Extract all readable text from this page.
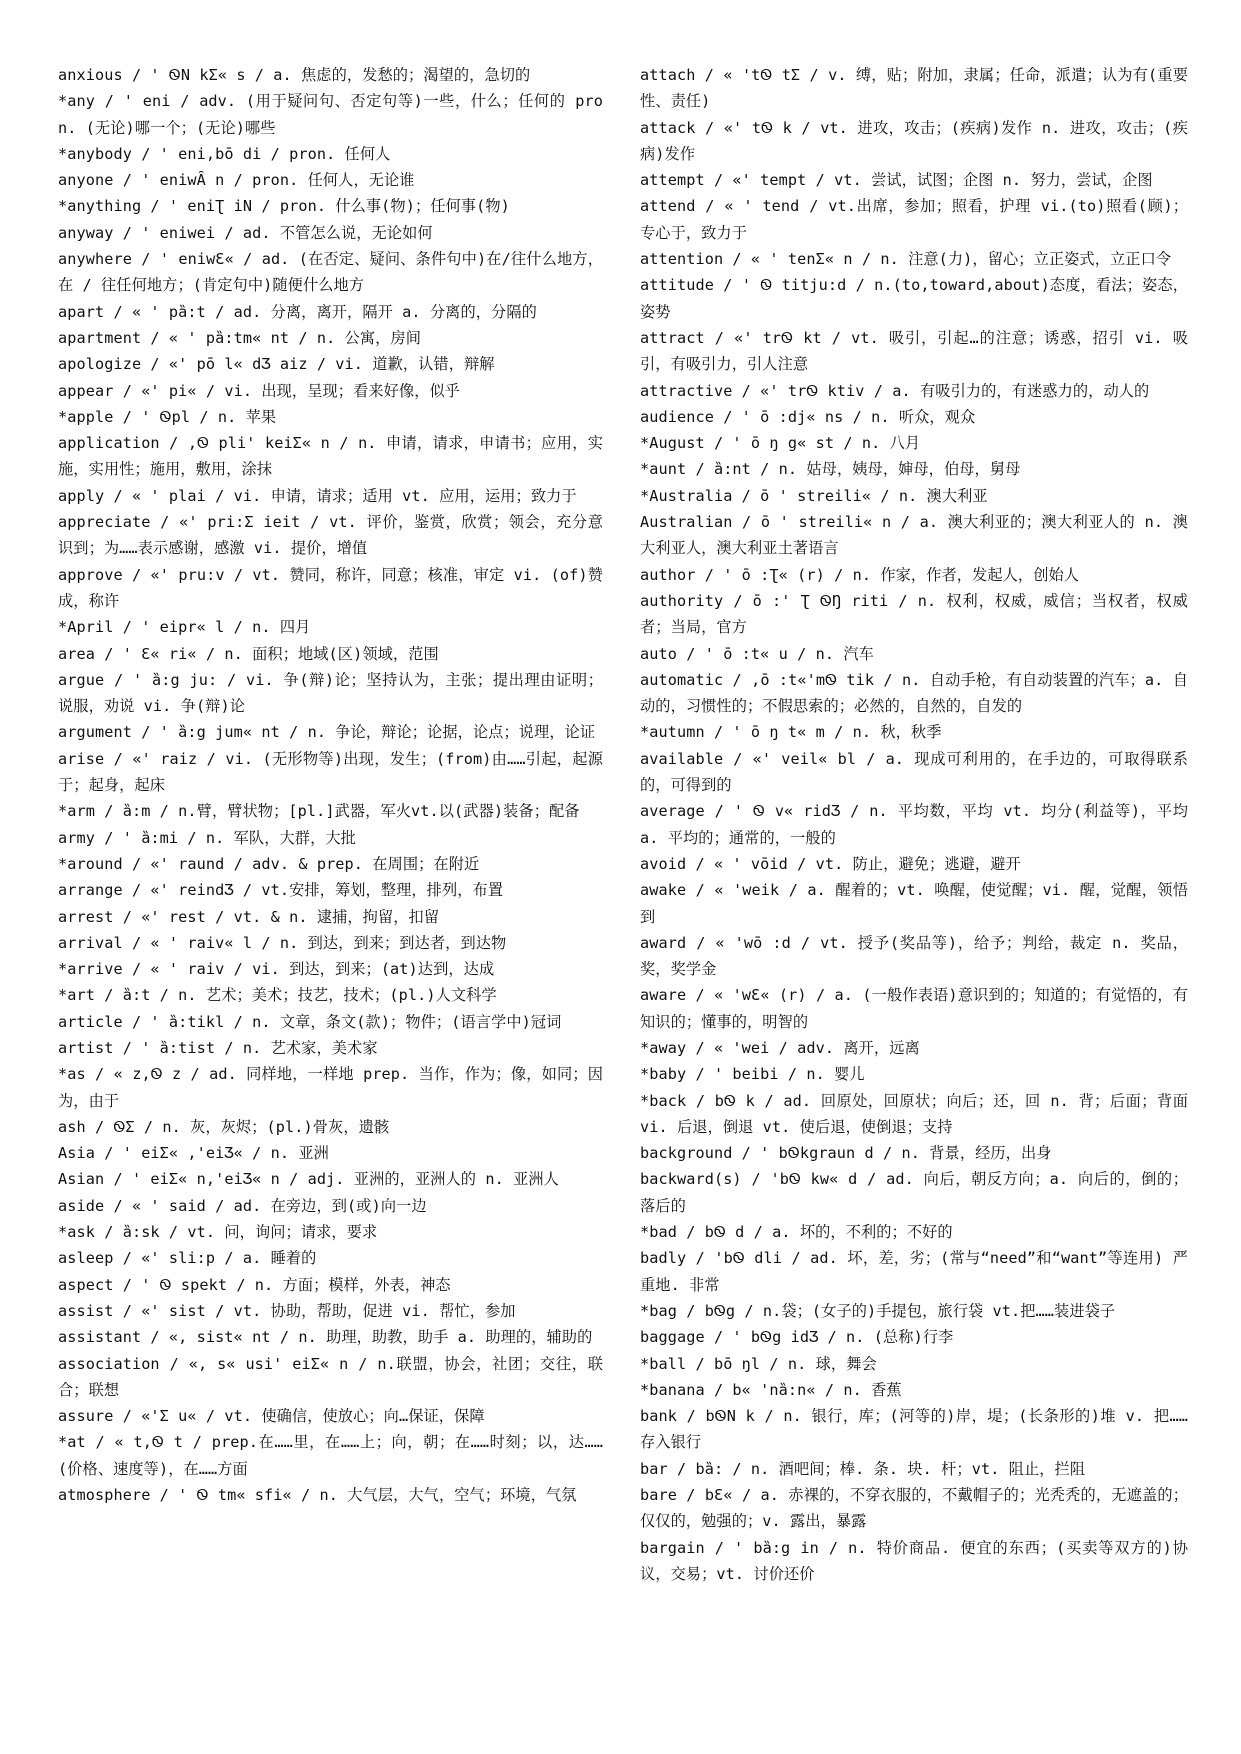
anxious / ' ᏫN kƩ« s / a. 焦虑的，发愁的；渴望的，急切的

*any / ' eni / adv. (用于疑问句、否定句等)一些，什么；任何的 pron. (无论)哪一个；(无论)哪些

*anybody / ' eni,bō di / pron. 任何人

anyone / ' eniwȂ n / pron. 任何人，无论谁

*anything / ' eniƮ iN / pron. 什么事(物)；任何事(物)

anyway / ' eniwei / ad. 不管怎么说，无论如何

anywhere / ' eniwƐ« / ad. (在否定、疑问、条件句中)在/往什么地方，在 / 往任何地方；(肯定句中)随便什么地方

apart / « ' pȁ:t / ad. 分离，离开，隔开 a. 分离的，分隔的

apartment / « ' pȁ:tm« nt / n. 公寓，房间

apologize / «' pō l« dƷ aiz / vi. 道歉，认错，辩解

appear / «' pi« / vi. 出现，呈现；看来好像，似乎

*apple / ' Ꮻpl / n. 苹果

application / ,Ꮻ pli' keiƩ« n / n. 申请，请求，申请书；应用，实施，实用性；施用，敷用，涂抹

apply / « ' plai / vi. 申请，请求；适用 vt. 应用，运用；致力于

appreciate / «' pri:Ʃ ieit / vt. 评价，鉴赏，欣赏；领会，充分意识到；为……表示感谢，感激 vi. 提价，增值

approve / «' pru:v / vt. 赞同，称许，同意；核准，审定 vi. (of)赞成，称许

*April / ' eipr« l / n. 四月

area / ' Ɛ« ri« / n. 面积；地域(区)领域，范围

argue / ' ȁ:g ju: / vi. 争(辩)论；坚持认为，主张；提出理由证明；说服，劝说 vi. 争(辩)论

argument / ' ȁ:g jum« nt / n. 争论，辩论；论据，论点；说理，论证

arise / «' raiz / vi. (无形物等)出现，发生；(from)由……引起，起源于；起身，起床

*arm / ȁ:m / n.臂，臂状物；[pl.]武器，军火vt.以(武器)装备；配备

army / ' ȁ:mi / n. 军队，大群，大批

*around / «' raund / adv. & prep. 在周围；在附近

arrange / «' reindƷ / vt.安排，筹划，整理，排列，布置

arrest / «' rest / vt. & n. 逮捕，拘留，扣留

arrival / « ' raiv« l / n. 到达，到来；到达者，到达物

*arrive / « ' raiv / vi. 到达，到来；(at)达到，达成

*art / ȁ:t / n. 艺术；美术；技艺，技术；(pl.)人文科学

article / ' ȁ:tikl / n. 文章，条文(款)；物件；(语言学中)冠词

artist / ' ȁ:tist / n. 艺术家，美术家

*as / « z,Ꮻ z / ad. 同样地，一样地 prep. 当作，作为；像，如同；因为，由于

ash / ᏫƩ / n. 灰，灰烬；(pl.)骨灰，遗骸

Asia / ' eiƩ« ,'eiƷ« / n. 亚洲

Asian / ' eiƩ« n,'eiƷ« n / adj. 亚洲的，亚洲人的 n. 亚洲人

aside / « ' said / ad. 在旁边，到(或)向一边

*ask / ȁ:sk / vt. 问，询问；请求，要求

asleep / «' sli:p / a. 睡着的

aspect / ' Ꮻ spekt / n. 方面；模样，外表，神态

assist / «' sist / vt. 协助，帮助，促进 vi. 帮忙，参加

assistant / «, sist« nt / n. 助理，助教，助手 a. 助理的，辅助的

association / «, s« usi' eiƩ« n / n.联盟，协会，社团；交往，联合；联想

assure / «'Ʃ u« / vt. 使确信，使放心；向…保证，保障

*at / « t,Ꮻ t / prep.在……里，在……上；向，朝；在……时刻；以，达……(价格、速度等)，在……方面

atmosphere / ' Ꮻ tm« sfi« / n. 大气层，大气，空气；环境，气氛

attach / « 'tᏫ tƩ / v. 缚，贴；附加，隶属；任命，派遣；认为有(重要性、责任)

attack / «' tᏫ k / vt. 进攻，攻击；(疾病)发作 n. 进攻，攻击；(疾病)发作

attempt / «' tempt / vt. 尝试，试图；企图 n. 努力，尝试，企图

attend / « ' tend / vt.出席，参加；照看，护理 vi.(to)照看(顾)；专心于，致力于

attention / « ' tenƩ« n / n. 注意(力)，留心；立正姿式，立正口令

attitude / ' Ꮻ titju:d / n.(to,toward,about)态度，看法；姿态，姿势

attract / «' trᏫ kt / vt. 吸引，引起…的注意；诱惑，招引 vi. 吸引，有吸引力，引人注意

attractive / «' trᏫ ktiv / a. 有吸引力的，有迷惑力的，动人的

audience / ' ō :dj« ns / n. 听众，观众

*August / ' ō ŋ g« st / n. 八月

*aunt / ȁ:nt / n. 姑母，姨母，婶母，伯母，舅母

*Australia / ō ' streili« / n. 澳大利亚

Australian / ō ' streili« n / a. 澳大利亚的；澳大利亚人的 n. 澳大利亚人，澳大利亚土著语言

author / ' ō :Ʈ« (r) / n. 作家，作者，发起人，创始人

authority / ō :' Ʈ ᏫŊ riti / n. 权利，权威，威信；当权者，权威者；当局，官方

auto / ' ō :t« u / n. 汽车

automatic / ,ō :t«'mᏫ tik / n. 自动手枪，有自动装置的汽车；a. 自动的，习惯性的；不假思索的；必然的，自然的，自发的

*autumn / ' ō ŋ t« m / n. 秋，秋季

available / «' veil« bl / a. 现成可利用的，在手边的，可取得联系的，可得到的

average / ' Ꮻ v« ridƷ / n. 平均数，平均 vt. 均分(利益等)，平均 a. 平均的；通常的，一般的

avoid / « ' vōid / vt. 防止，避免；逃避，避开

awake / « 'weik / a. 醒着的；vt. 唤醒，使觉醒；vi. 醒，觉醒，领悟到

award / « 'wō :d / vt. 授予(奖品等)，给予；判给，裁定 n. 奖品，奖，奖学金

aware / « 'wƐ« (r) / a. (一般作表语)意识到的；知道的；有觉悟的，有知识的；懂事的，明智的

*away / « 'wei / adv. 离开，远离

*baby / ' beibi / n. 婴儿

*back / bᏫ k / ad. 回原处，回原状；向后；还，回 n. 背；后面；背面 vi. 后退，倒退 vt. 使后退，使倒退；支持

background / ' bᏫkgraun d / n. 背景，经历，出身

backward(s) / 'bᏫ kw« d / ad. 向后，朝反方向；a. 向后的，倒的；落后的

*bad / bᏫ d / a. 坏的，不利的；不好的

badly / 'bᏫ dli / ad. 坏，差，劣；(常与“need”和“want”等连用) 严重地. 非常

*bag / bᏫg / n.袋；(女子的)手提包，旅行袋 vt.把……装进袋子

baggage / ' bᏫg idƷ / n. (总称)行李

*ball / bō ŋl / n. 球，舞会

*banana / b« 'nȁ:n« / n. 香蕉

bank / bᏫN k / n. 银行，库；(河等的)岸，堤；(长条形的)堆 v. 把……存入银行

bar / bȁ: / n. 酒吧间；棒. 条. 块. 杆；vt. 阻止，拦阻

bare / bƐ« / a. 赤裸的，不穿衣服的，不戴帽子的；光秃秃的，无遮盖的；仅仅的，勉强的；v. 露出，暴露

bargain / ' bȁ:g in / n. 特价商品. 便宜的东西；(买卖等双方的)协议，交易；vt. 讨价还价
